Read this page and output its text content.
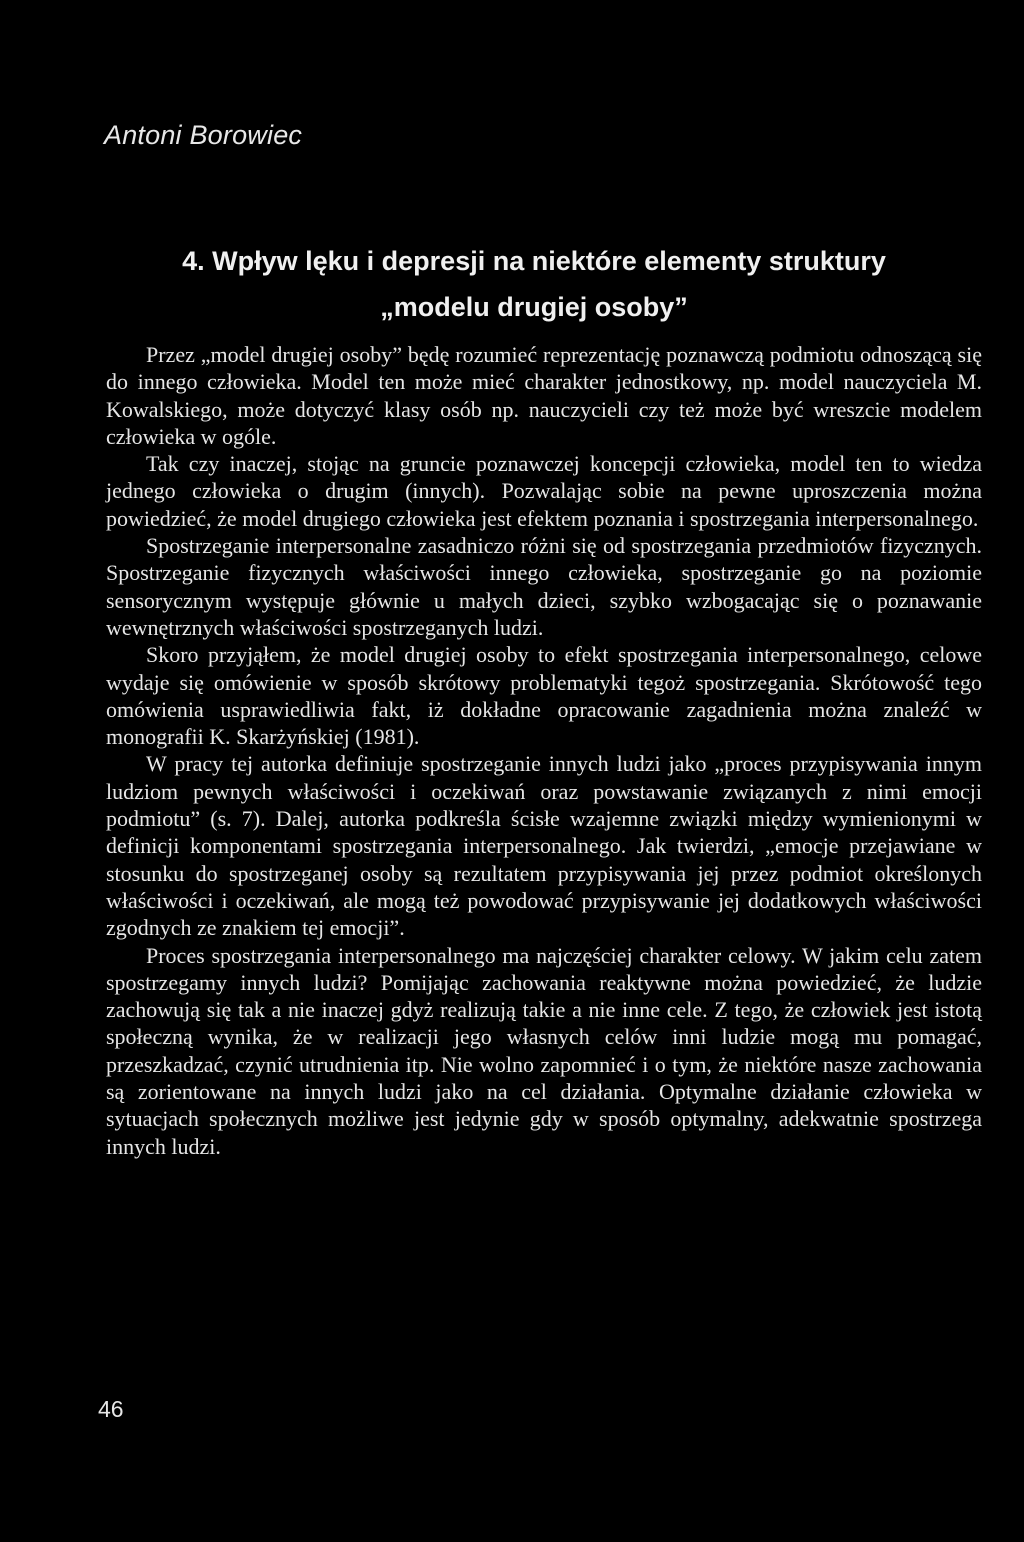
Antoni Borowiec
4. Wpływ lęku i depresji na niektóre elementy struktury
„modelu drugiej osoby”

Przez „model drugiej osoby” będę rozumieć reprezentację poznawczą podmiotu odnoszącą się do innego człowieka. Model ten może mieć charakter jednostkowy, np. model nauczyciela M. Kowalskiego, może dotyczyć klasy osób np. nauczycieli czy też może być wreszcie modelem człowieka w ogóle.

Tak czy inaczej, stojąc na gruncie poznawczej koncepcji człowieka, model ten to wiedza jednego człowieka o drugim (innych). Pozwalając sobie na pewne uproszczenia można powiedzieć, że model drugiego człowieka jest efektem poznania i spostrzegania interpersonalnego.

Spostrzeganie interpersonalne zasadniczo różni się od spostrzegania przedmiotów fizycznych. Spostrzeganie fizycznych właściwości innego człowieka, spostrzeganie go na poziomie sensorycznym występuje głównie u małych dzieci, szybko wzbogacając się o poznawanie wewnętrznych właściwości spostrzeganych ludzi.

Skoro przyjąłem, że model drugiej osoby to efekt spostrzegania interpersonalnego, celowe wydaje się omówienie w sposób skrótowy problematyki tegoż spostrzegania. Skrótowość tego omówienia usprawiedliwia fakt, iż dokładne opracowanie zagadnienia można znaleźć w monografii K. Skarżyńskiej (1981).

W pracy tej autorka definiuje spostrzeganie innych ludzi jako „proces przypisywania innym ludziom pewnych właściwości i oczekiwań oraz powstawanie związanych z nimi emocji podmiotu” (s. 7). Dalej, autorka podkreśla ścisłe wzajemne związki między wymienionymi w definicji komponentami spostrzegania interpersonalnego. Jak twierdzi, „emocje przejawiane w stosunku do spostrzeganej osoby są rezultatem przypisywania jej przez podmiot określonych właściwości i oczekiwań, ale mogą też powodować przypisywanie jej dodatkowych właściwości zgodnych ze znakiem tej emocji”.

Proces spostrzegania interpersonalnego ma najczęściej charakter celowy. W jakim celu zatem spostrzegamy innych ludzi? Pomijając zachowania reaktywne można powiedzieć, że ludzie zachowują się tak a nie inaczej gdyż realizują takie a nie inne cele. Z tego, że człowiek jest istotą społeczną wynika, że w realizacji jego własnych celów inni ludzie mogą mu pomagać, przeszkadzać, czynić utrudnienia itp. Nie wolno zapomnieć i o tym, że niektóre nasze zachowania są zorientowane na innych ludzi jako na cel działania. Optymalne działanie człowieka w sytuacjach społecznych możliwe jest jedynie gdy w sposób optymalny, adekwatnie spostrzega innych ludzi.

46
